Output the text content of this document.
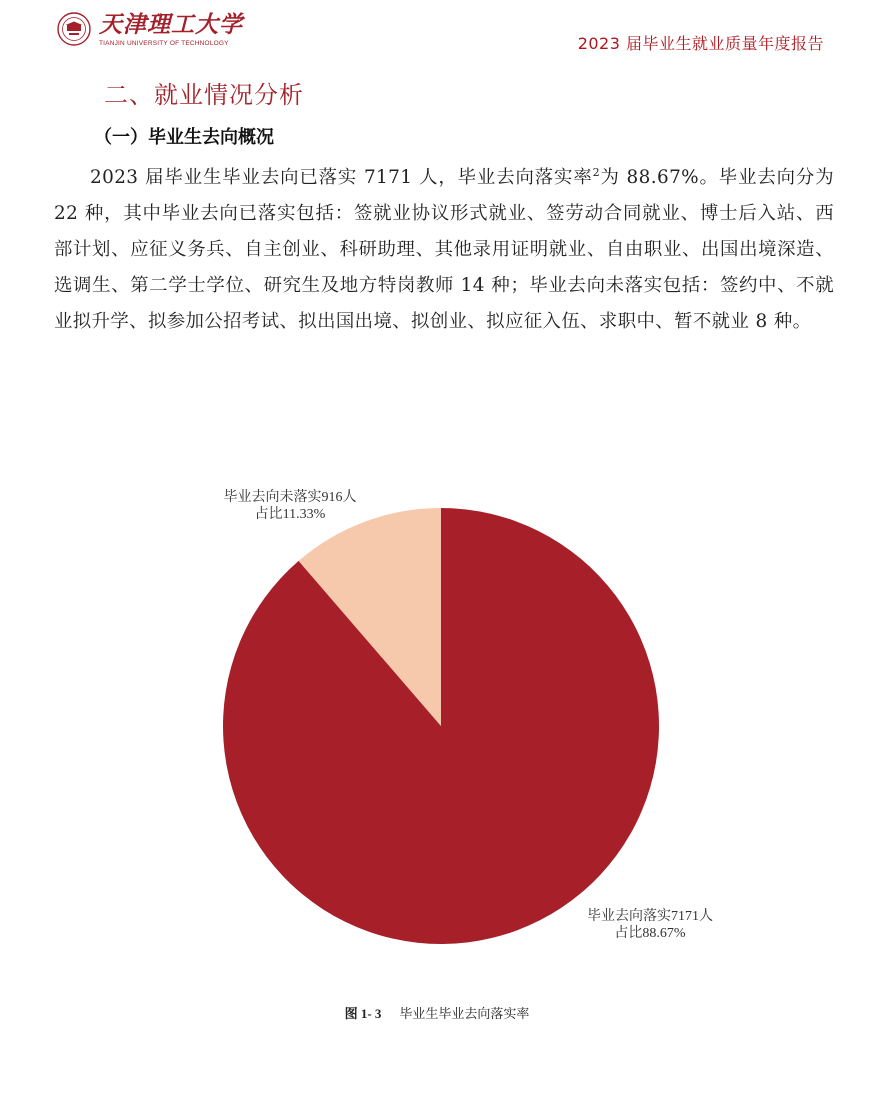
天津理工大学
TIANJIN UNIVERSITY OF TECHNOLOGY	2023 届毕业生就业质量年度报告
二、就业情况分析
（一）毕业生去向概况
2023 届毕业生毕业去向已落实 7171 人，毕业去向落实率$^2$为 88.67%。毕业去向分为 22 种，其中毕业去向已落实包括：签就业协议形式就业、签劳动合同就业、博士后入站、西部计划、应征义务兵、自主创业、科研助理、其他录用证明就业、自由职业、出国出境深造、选调生、第二学士学位、研究生及地方特岗教师 14 种；毕业去向未落实包括：签约中、不就业拟升学、拟参加公招考试、拟出国出境、拟创业、拟应征入伍、求职中、暂不就业 8 种。
毕业去向未落实916人
占比11.33%
毕业去向落实7171人
占比88.67%
图 1- 3 毕业生毕业去向落实率
